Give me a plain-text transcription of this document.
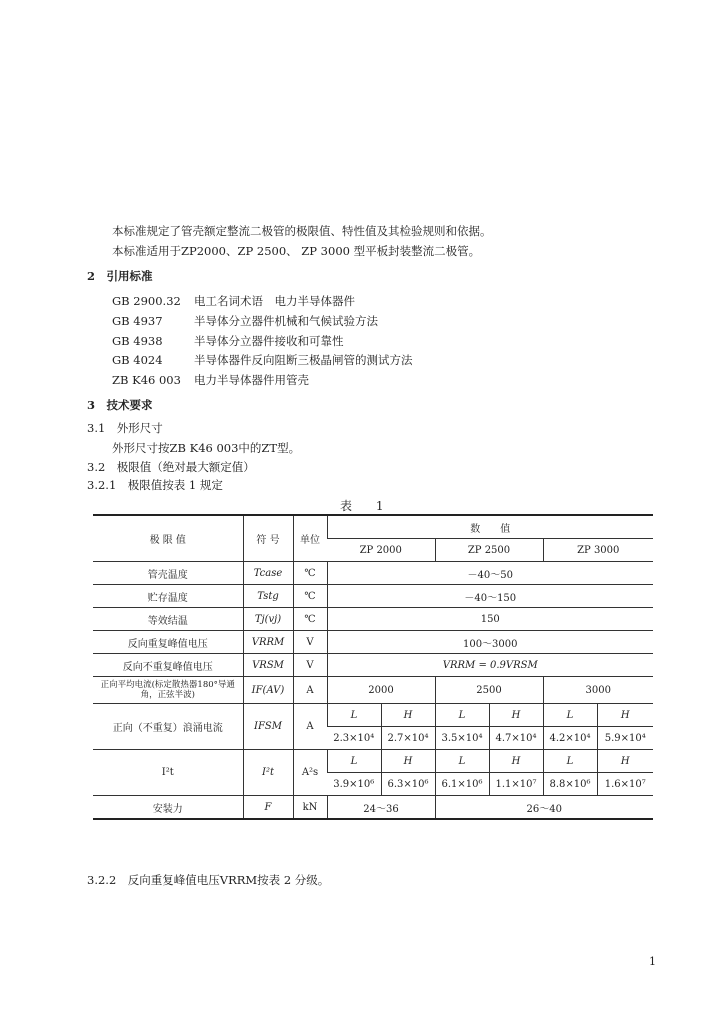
本标准规定了管壳额定整流二极管的极限值、特性值及其检验规则和依据。
本标准适用于ZP2000、ZP 2500、 ZP 3000 型平板封装整流二极管。
2　引用标准
GB 2900.32 电工名词术语　电力半导体器件
GB 4937	半导体分立器件机械和气候试验方法
GB 4938	半导体分立器件接收和可靠性
GB 4024	半导体器件反向阻断三极晶闸管的测试方法
ZB K46 003 电力半导体器件用管壳
3　技术要求
3.1　外形尺寸
外形尺寸按ZB K46 003中的ZT型。
3.2　极限值（绝对最大额定值）
3.2.1　极限值按表 1 规定
表 1
极 限 值	符 号	单位	数　　值					
			ZP 2000		ZP 2500		ZP 3000	
管壳温度	Tcase	℃	－40～50					
贮存温度	Tstg	℃	－40～150					
等效结温	Tj(vj)	℃	150					
反向重复峰值电压	VRRM	V	100～3000					
反向不重复峰值电压	VRSM	V	VRRM = 0.9VRSM					
正向平均电流(标定散热器180°导通角，正弦半波)	IF(AV)	A	2000		2500		3000	
正向（不重复）浪涌电流	IFSM	A	L	H	L	H	L	H
			2.3×10⁴	2.7×10⁴	3.5×10⁴	4.7×10⁴	4.2×10⁴	5.9×10⁴
I²t	I²t	A²s	L	H	L	H	L	H
			3.9×10⁶	6.3×10⁶	6.1×10⁶	1.1×10⁷	8.8×10⁶	1.6×10⁷
安装力	F	kN	24～36		26～40			
3.2.2　反向重复峰值电压VRRM按表 2 分级。
1
